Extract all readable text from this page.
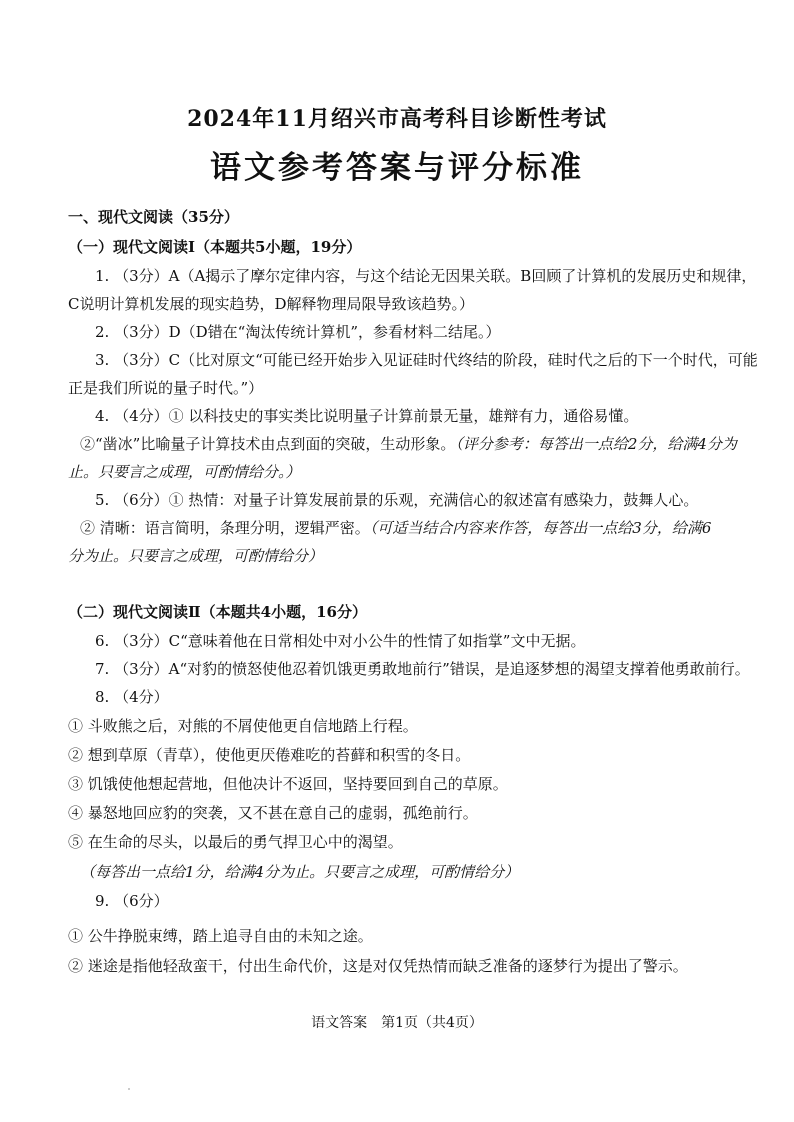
2024年11月绍兴市高考科目诊断性考试
语文参考答案与评分标准
一、现代文阅读（35分）
（一）现代文阅读Ⅰ（本题共5小题，19分）
1. （3分）A（A揭示了摩尔定律内容，与这个结论无因果关联。B回顾了计算机的发展历史和规律，
C说明计算机发展的现实趋势，D解释物理局限导致该趋势。）
2. （3分）D（D错在“淘汰传统计算机”，参看材料二结尾。）
3. （3分）C（比对原文“可能已经开始步入见证硅时代终结的阶段，硅时代之后的下一个时代，可能
正是我们所说的量子时代。”）
4. （4分）① 以科技史的事实类比说明量子计算前景无量，雄辩有力，通俗易懂。
②“凿冰”比喻量子计算技术由点到面的突破，生动形象。（评分参考：每答出一点给2分，给满4分为
止。只要言之成理，可酌情给分。）
5. （6分）① 热情：对量子计算发展前景的乐观，充满信心的叙述富有感染力，鼓舞人心。
② 清晰：语言简明，条理分明，逻辑严密。（可适当结合内容来作答，每答出一点给3分，给满6
分为止。只要言之成理，可酌情给分）
（二）现代文阅读Ⅱ（本题共4小题，16分）
6. （3分）C“意味着他在日常相处中对小公牛的性情了如指掌”文中无据。
7. （3分）A“对豹的愤怒使他忍着饥饿更勇敢地前行”错误，是追逐梦想的渴望支撑着他勇敢前行。
8. （4分）
① 斗败熊之后，对熊的不屑使他更自信地踏上行程。
② 想到草原（青草），使他更厌倦难吃的苔藓和积雪的冬日。
③ 饥饿使他想起营地，但他决计不返回，坚持要回到自己的草原。
④ 暴怒地回应豹的突袭，又不甚在意自己的虚弱，孤绝前行。
⑤ 在生命的尽头，以最后的勇气捍卫心中的渴望。
（每答出一点给1分，给满4分为止。只要言之成理，可酌情给分）
9. （6分）
① 公牛挣脱束缚，踏上追寻自由的未知之途。
② 迷途是指他轻敌蛮干，付出生命代价，这是对仅凭热情而缺乏准备的逐梦行为提出了警示。
语文答案　第1页（共4页）
